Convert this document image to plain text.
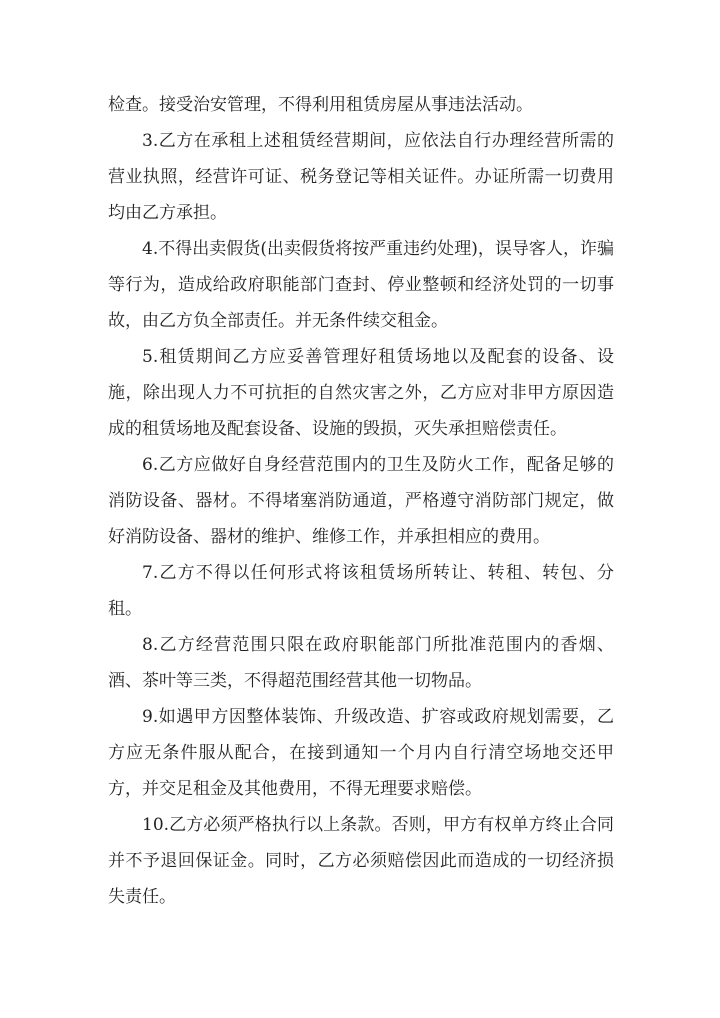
检查。接受治安管理，不得利用租赁房屋从事违法活动。

3.乙方在承租上述租赁经营期间，应依法自行办理经营所需的营业执照，经营许可证、税务登记等相关证件。办证所需一切费用均由乙方承担。

4.不得出卖假货(出卖假货将按严重违约处理)，误导客人，诈骗等行为，造成给政府职能部门查封、停业整顿和经济处罚的一切事故，由乙方负全部责任。并无条件续交租金。

5.租赁期间乙方应妥善管理好租赁场地以及配套的设备、设施，除出现人力不可抗拒的自然灾害之外，乙方应对非甲方原因造成的租赁场地及配套设备、设施的毁损，灭失承担赔偿责任。

6.乙方应做好自身经营范围内的卫生及防火工作，配备足够的消防设备、器材。不得堵塞消防通道，严格遵守消防部门规定，做好消防设备、器材的维护、维修工作，并承担相应的费用。

7.乙方不得以任何形式将该租赁场所转让、转租、转包、分租。

8.乙方经营范围只限在政府职能部门所批准范围内的香烟、酒、茶叶等三类，不得超范围经营其他一切物品。

9.如遇甲方因整体装饰、升级改造、扩容或政府规划需要，乙方应无条件服从配合，在接到通知一个月内自行清空场地交还甲方，并交足租金及其他费用，不得无理要求赔偿。

10.乙方必须严格执行以上条款。否则，甲方有权单方终止合同并不予退回保证金。同时，乙方必须赔偿因此而造成的一切经济损失责任。
